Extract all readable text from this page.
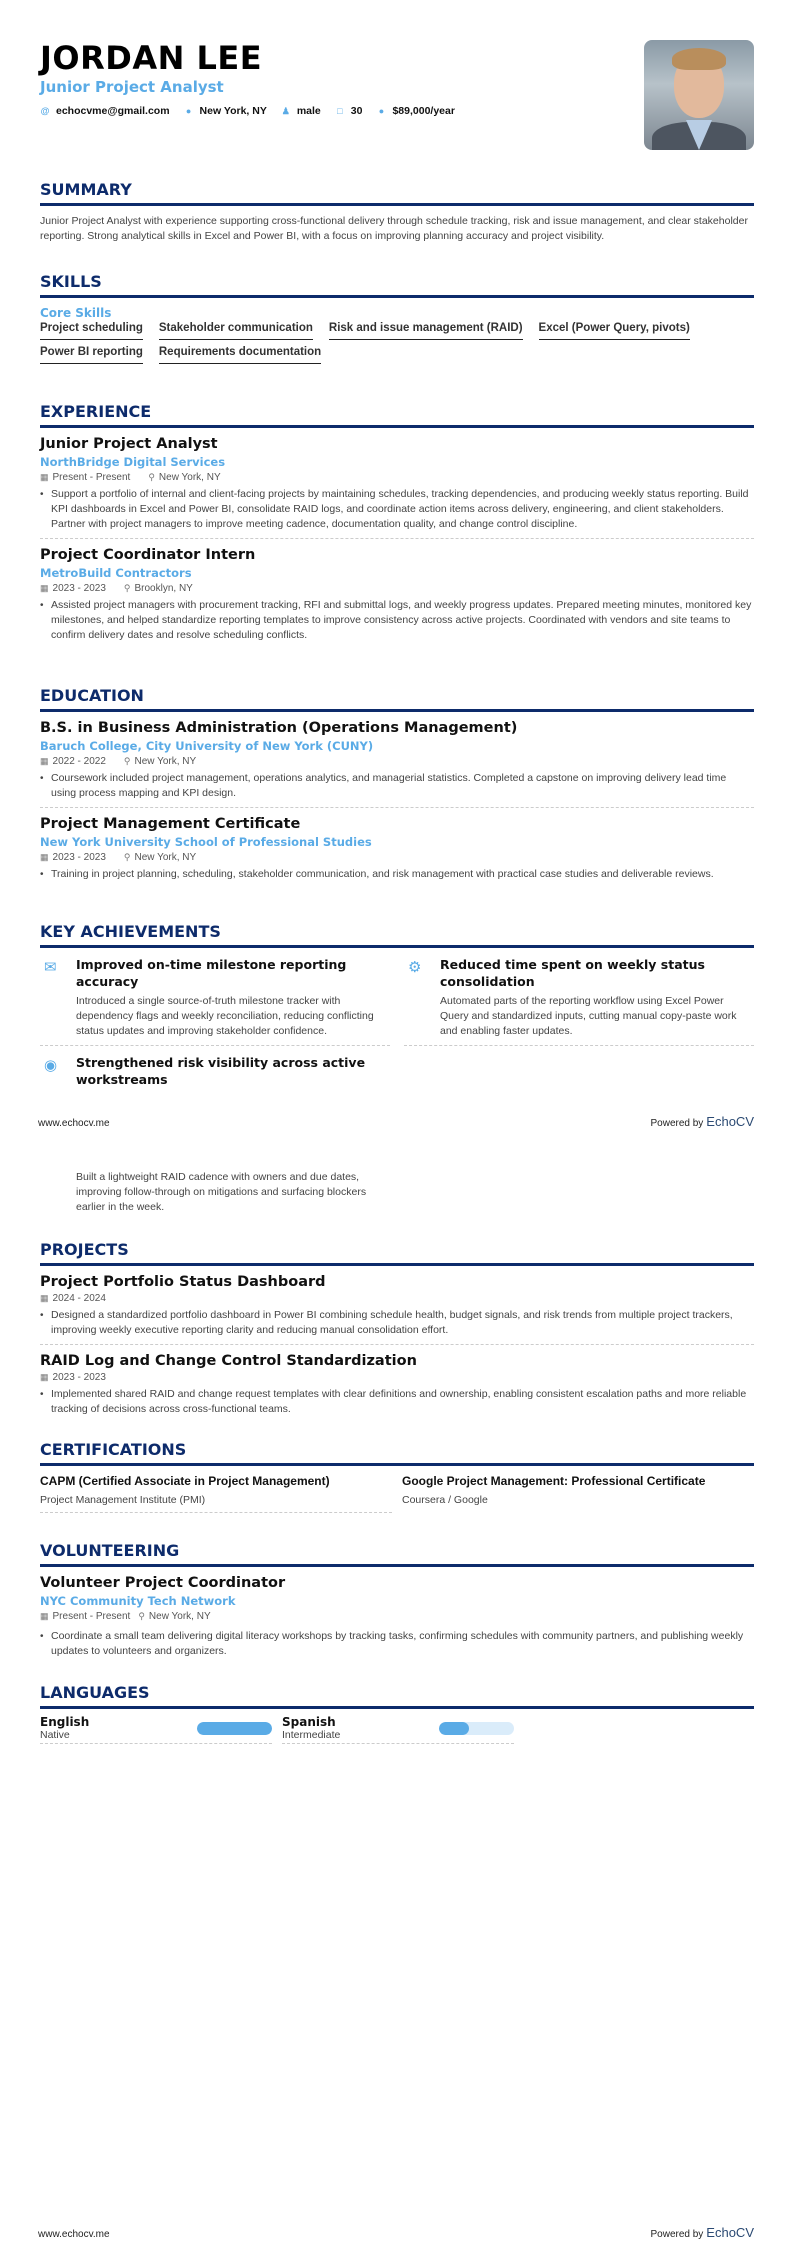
JORDAN LEE
Junior Project Analyst
@ echocvme@gmail.com ● New York, NY ♟ male □ 30 ● $89,000/year
SUMMARY
Junior Project Analyst with experience supporting cross-functional delivery through schedule tracking, risk and issue management, and clear stakeholder reporting. Strong analytical skills in Excel and Power BI, with a focus on improving planning accuracy and project visibility.
SKILLS
Core Skills
Project scheduling Stakeholder communication Risk and issue management (RAID) Excel (Power Query, pivots)
Power BI reporting Requirements documentation
EXPERIENCE
Junior Project Analyst
NorthBridge Digital Services
▦ Present - Present ⚲ New York, NY
• Support a portfolio of internal and client-facing projects by maintaining schedules, tracking dependencies, and producing weekly status reporting. Build KPI dashboards in Excel and Power BI, consolidate RAID logs, and coordinate action items across delivery, engineering, and client stakeholders. Partner with project managers to improve meeting cadence, documentation quality, and change control discipline.
Project Coordinator Intern
MetroBuild Contractors
▦ 2023 - 2023 ⚲ Brooklyn, NY
• Assisted project managers with procurement tracking, RFI and submittal logs, and weekly progress updates. Prepared meeting minutes, monitored key milestones, and helped standardize reporting templates to improve consistency across active projects. Coordinated with vendors and site teams to confirm delivery dates and resolve scheduling conflicts.
EDUCATION
B.S. in Business Administration (Operations Management)
Baruch College, City University of New York (CUNY)
▦ 2022 - 2022 ⚲ New York, NY
• Coursework included project management, operations analytics, and managerial statistics. Completed a capstone on improving delivery lead time using process mapping and KPI design.
Project Management Certificate
New York University School of Professional Studies
▦ 2023 - 2023 ⚲ New York, NY
• Training in project planning, scheduling, stakeholder communication, and risk management with practical case studies and deliverable reviews.
KEY ACHIEVEMENTS
✉	Improved on-time milestone reporting accuracy
Introduced a single source-of-truth milestone tracker with dependency flags and weekly reconciliation, reducing conflicting status updates and improving stakeholder confidence.
⚙	Reduced time spent on weekly status consolidation
Automated parts of the reporting workflow using Excel Power Query and standardized inputs, cutting manual copy-paste work and enabling faster updates.
◉	Strengthened risk visibility across active workstreams
www.echocv.me	Powered by EchoCV
Built a lightweight RAID cadence with owners and due dates, improving follow-through on mitigations and surfacing blockers earlier in the week.
PROJECTS
Project Portfolio Status Dashboard
▦ 2024 - 2024
• Designed a standardized portfolio dashboard in Power BI combining schedule health, budget signals, and risk trends from multiple project trackers, improving weekly executive reporting clarity and reducing manual consolidation effort.
RAID Log and Change Control Standardization
▦ 2023 - 2023
• Implemented shared RAID and change request templates with clear definitions and ownership, enabling consistent escalation paths and more reliable tracking of decisions across cross-functional teams.
CERTIFICATIONS
CAPM (Certified Associate in Project Management)
Project Management Institute (PMI)
Google Project Management: Professional Certificate
Coursera / Google
VOLUNTEERING
Volunteer Project Coordinator
NYC Community Tech Network
▦ Present - Present ⚲ New York, NY
• Coordinate a small team delivering digital literacy workshops by tracking tasks, confirming schedules with community partners, and publishing weekly updates to volunteers and organizers.
LANGUAGES
English
Native
Spanish
Intermediate
www.echocv.me	Powered by EchoCV
